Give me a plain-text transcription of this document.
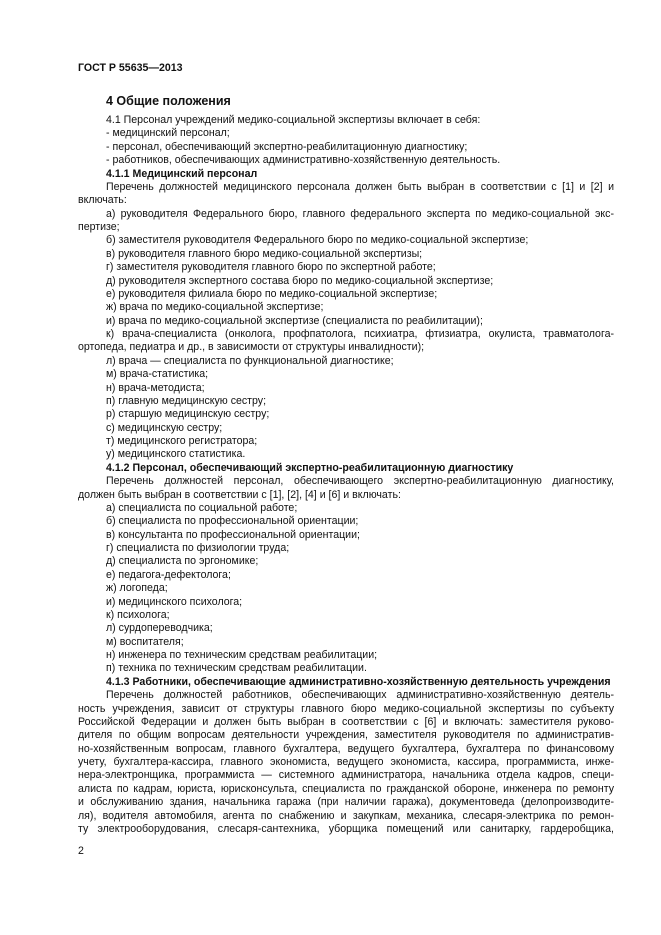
ГОСТ Р 55635—2013
4 Общие положения
4.1 Персонал учреждений медико-социальной экспертизы включает в себя:
- медицинский персонал;
- персонал, обеспечивающий экспертно-реабилитационную диагностику;
- работников, обеспечивающих административно-хозяйственную деятельность.
4.1.1 Медицинский персонал
Перечень должностей медицинского персонала должен быть выбран в соответствии с [1] и [2] и
включать:
а) руководителя Федерального бюро, главного федерального эксперта по медико-социальной экс-
пертизе;
б) заместителя руководителя Федерального бюро по медико-социальной экспертизе;
в) руководителя главного бюро медико-социальной экспертизы;
г) заместителя руководителя главного бюро по экспертной работе;
д) руководителя экспертного состава бюро по медико-социальной экспертизе;
е) руководителя филиала бюро по медико-социальной экспертизе;
ж) врача по медико-социальной экспертизе;
и) врача по медико-социальной экспертизе (специалиста по реабилитации);
к) врача-специалиста (онколога, профпатолога, психиатра, фтизиатра, окулиста, травматолога-
ортопеда, педиатра и др., в зависимости от структуры инвалидности);
л) врача — специалиста по функциональной диагностике;
м) врача-статистика;
н) врача-методиста;
п) главную медицинскую сестру;
р) старшую медицинскую сестру;
с) медицинскую сестру;
т) медицинского регистратора;
у) медицинского статистика.
4.1.2 Персонал, обеспечивающий экспертно-реабилитационную диагностику
Перечень должностей персонал, обеспечивающего экспертно-реабилитационную диагностику,
должен быть выбран в соответствии с [1], [2], [4] и [6] и включать:
а) специалиста по социальной работе;
б) специалиста по профессиональной ориентации;
в) консультанта по профессиональной ориентации;
г) специалиста по физиологии труда;
д) специалиста по эргономике;
е) педагога-дефектолога;
ж) логопеда;
и) медицинского психолога;
к) психолога;
л) сурдопереводчика;
м) воспитателя;
н) инженера по техническим средствам реабилитации;
п) техника по техническим средствам реабилитации.
4.1.3 Работники, обеспечивающие административно-хозяйственную деятельность учреждения
Перечень должностей работников, обеспечивающих административно-хозяйственную деятель-
ность учреждения, зависит от структуры главного бюро медико-социальной экспертизы по субъекту
Российской Федерации и должен быть выбран в соответствии с [6] и включать: заместителя руково-
дителя по общим вопросам деятельности учреждения, заместителя руководителя по административ-
но-хозяйственным вопросам, главного бухгалтера, ведущего бухгалтера, бухгалтера по финансовому
учету, бухгалтера-кассира, главного экономиста, ведущего экономиста, кассира, программиста, инже-
нера-электронщика, программиста — системного администратора, начальника отдела кадров, специ-
алиста по кадрам, юриста, юрисконсульта, специалиста по гражданской обороне, инженера по ремонту
и обслуживанию здания, начальника гаража (при наличии гаража), документоведа (делопроизводите-
ля), водителя автомобиля, агента по снабжению и закупкам, механика, слесаря-электрика по ремон-
ту электрооборудования, слесаря-сантехника, уборщика помещений или санитарку, гардеробщика,
2
